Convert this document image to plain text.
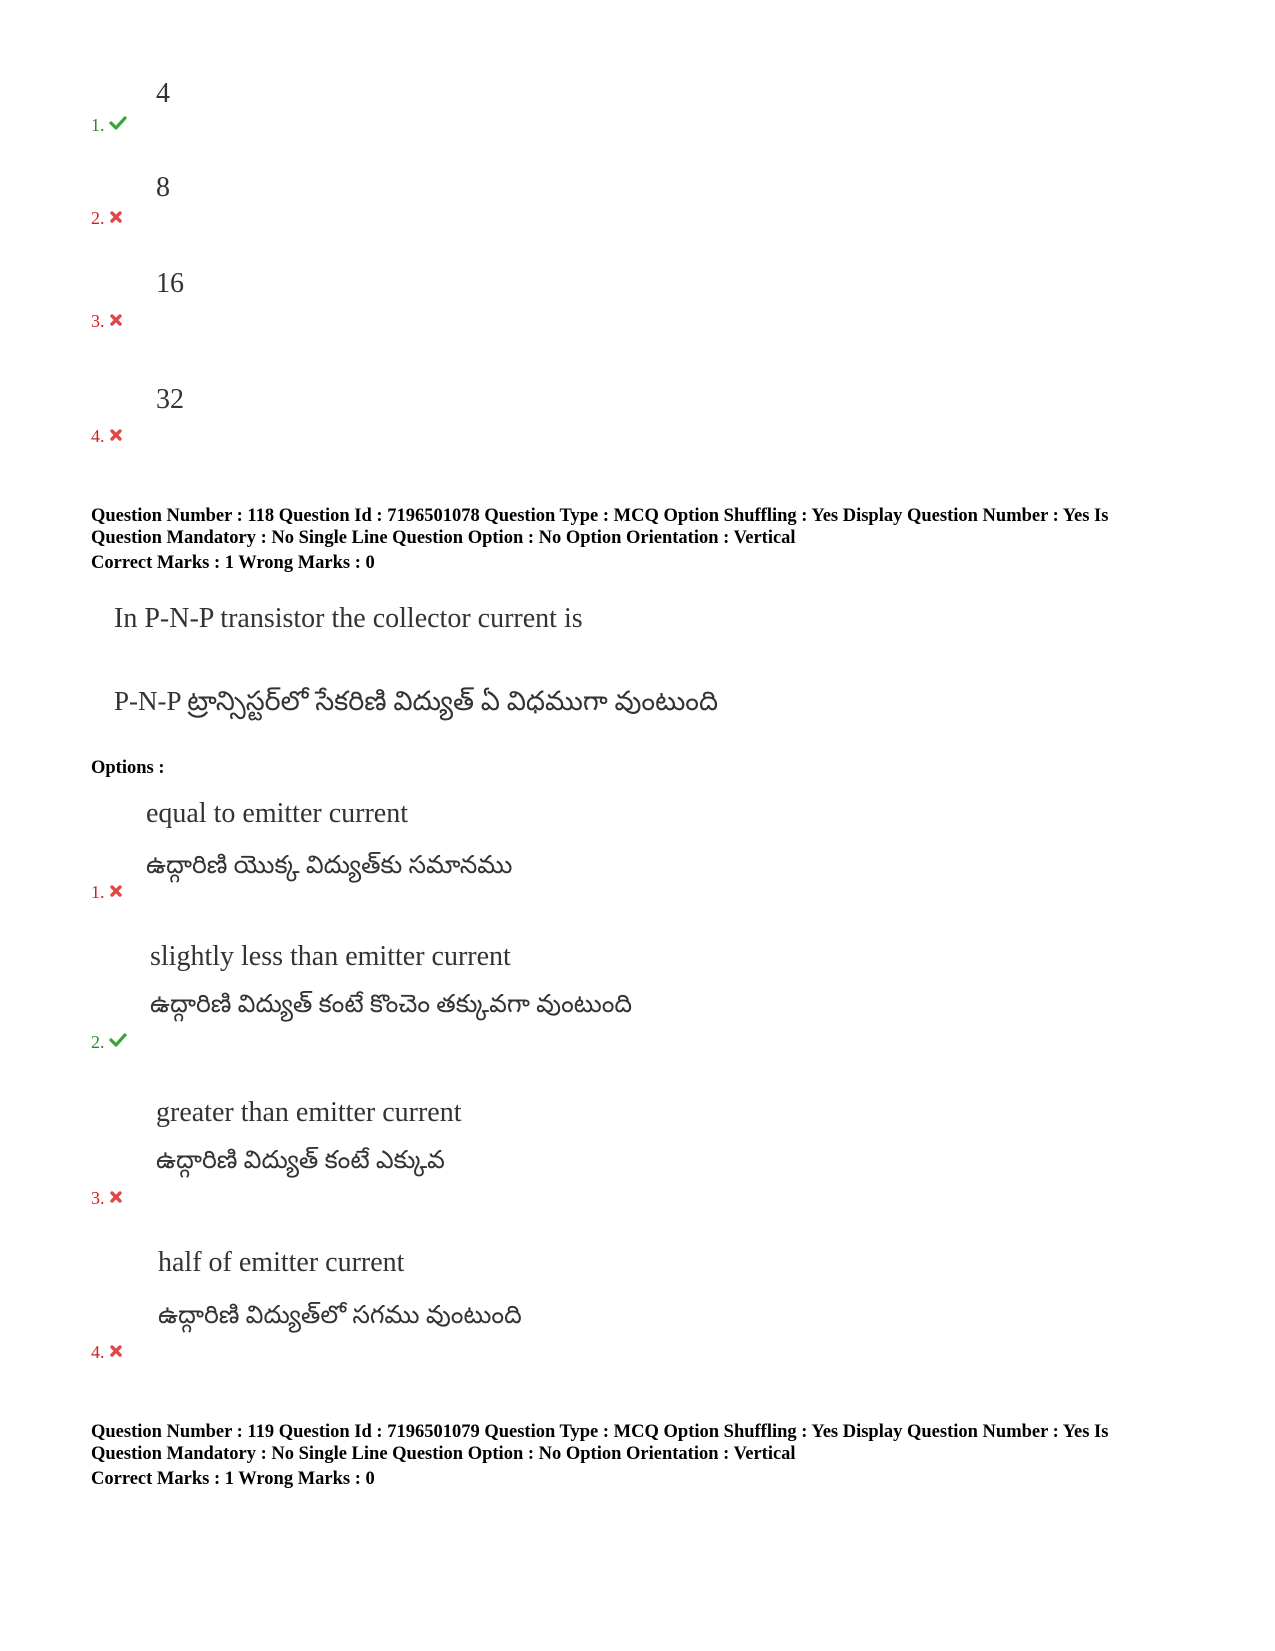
4
1.
8
2.
16
3.
32
4.

Question Number : 118 Question Id : 7196501078 Question Type : MCQ Option Shuffling : Yes Display Question Number : Yes Is

Question Mandatory : No Single Line Question Option : No Option Orientation : Vertical

Correct Marks : 1 Wrong Marks : 0
In P-N-P transistor the collector current is
P-N-P ట్రాన్సిస్టర్‌లో సేకరిణి విద్యుత్ ఏ విధముగా వుంటుంది
Options :
equal to emitter current
ఉద్గారిణి యొక్క విద్యుత్‌కు సమానము
1.
slightly less than emitter current
ఉద్గారిణి విద్యుత్ కంటే కొంచెం తక్కువగా వుంటుంది
2.
greater than emitter current
ఉద్గారిణి విద్యుత్ కంటే ఎక్కువ
3.
half of emitter current
ఉద్గారిణి విద్యుత్‌లో సగము వుంటుంది
4.

Question Number : 119 Question Id : 7196501079 Question Type : MCQ Option Shuffling : Yes Display Question Number : Yes Is

Question Mandatory : No Single Line Question Option : No Option Orientation : Vertical

Correct Marks : 1 Wrong Marks : 0
